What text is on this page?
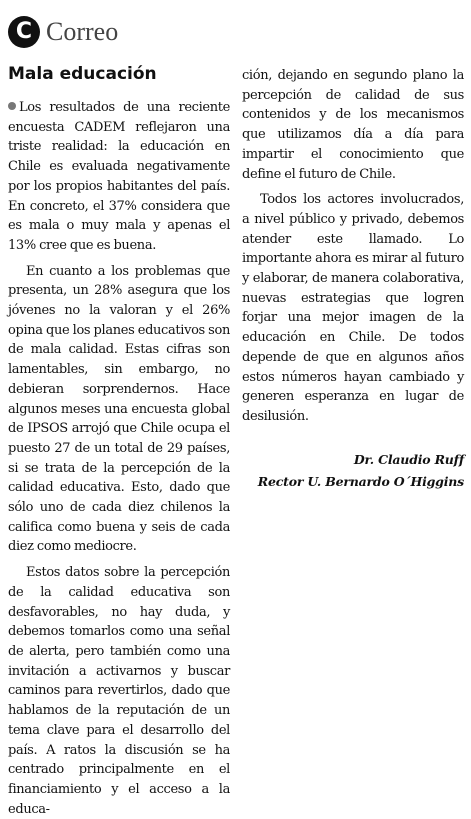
C Correo
Mala educación

Los resultados de una reciente encuesta CADEM reflejaron una triste realidad: la educación en Chile es evaluada negativamente por los propios habitantes del país. En concreto, el 37% considera que es mala o muy mala y apenas el 13% cree que es buena.

En cuanto a los problemas que presenta, un 28% asegura que los jóvenes no la valoran y el 26% opina que los planes educativos son de mala calidad. Estas cifras son lamentables, sin embargo, no debieran sorprendernos. Hace algunos meses una encuesta global de IPSOS arrojó que Chile ocupa el puesto 27 de un total de 29 países, si se trata de la percepción de la calidad educativa. Esto, dado que sólo uno de cada diez chilenos la califica como buena y seis de cada diez como mediocre.

Estos datos sobre la percepción de la calidad educativa son desfavorables, no hay duda, y debemos tomarlos como una señal de alerta, pero también como una invitación a activarnos y buscar caminos para revertirlos, dado que hablamos de la reputación de un tema clave para el desarrollo del país. A ratos la discusión se ha centrado principalmente en el financiamiento y el acceso a la educa-

ción, dejando en segundo plano la percepción de calidad de sus contenidos y de los mecanismos que utilizamos día a día para impartir el conocimiento que define el futuro de Chile.

Todos los actores involucrados, a nivel público y privado, debemos atender este llamado. Lo importante ahora es mirar al futuro y elaborar, de manera colaborativa, nuevas estrategias que logren forjar una mejor imagen de la educación en Chile. De todos depende de que en algunos años estos números hayan cambiado y generen esperanza en lugar de desilusión.

Dr. Claudio Ruff
Rector U. Bernardo O´Higgins
